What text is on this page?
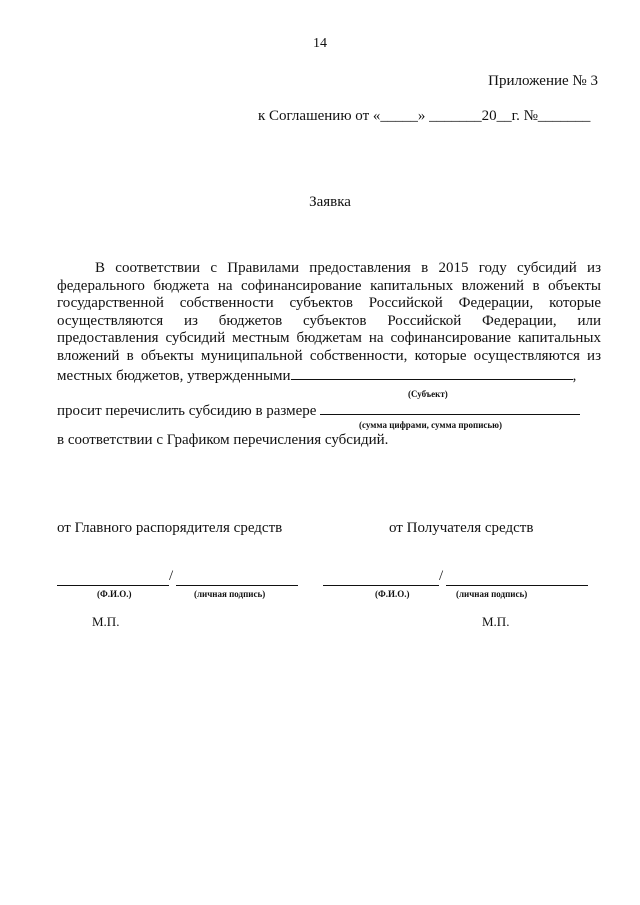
14
Приложение № 3
к Соглашению от «_____» _______20__г. №_______
Заявка
В соответствии с Правилами предоставления в 2015 году субсидий из
федерального бюджета на софинансирование капитальных вложений в объекты
государственной собственности субъектов Российской Федерации, которые
осуществляются из бюджетов субъектов Российской Федерации, или
предоставления субсидий местным бюджетам на софинансирование капитальных
вложений в объекты муниципальной собственности, которые осуществляются из
местных бюджетов, утвержденными	,
(Субъект)
просит перечислить субсидию в размере
(сумма цифрами, сумма прописью)
в соответствии с Графиком перечисления субсидий.
от Главного распорядителя средств	от Получателя средств
/
(Ф.И.О.)	(личная подпись)
М.П.
/
(Ф.И.О.)	(личная подпись)
М.П.
